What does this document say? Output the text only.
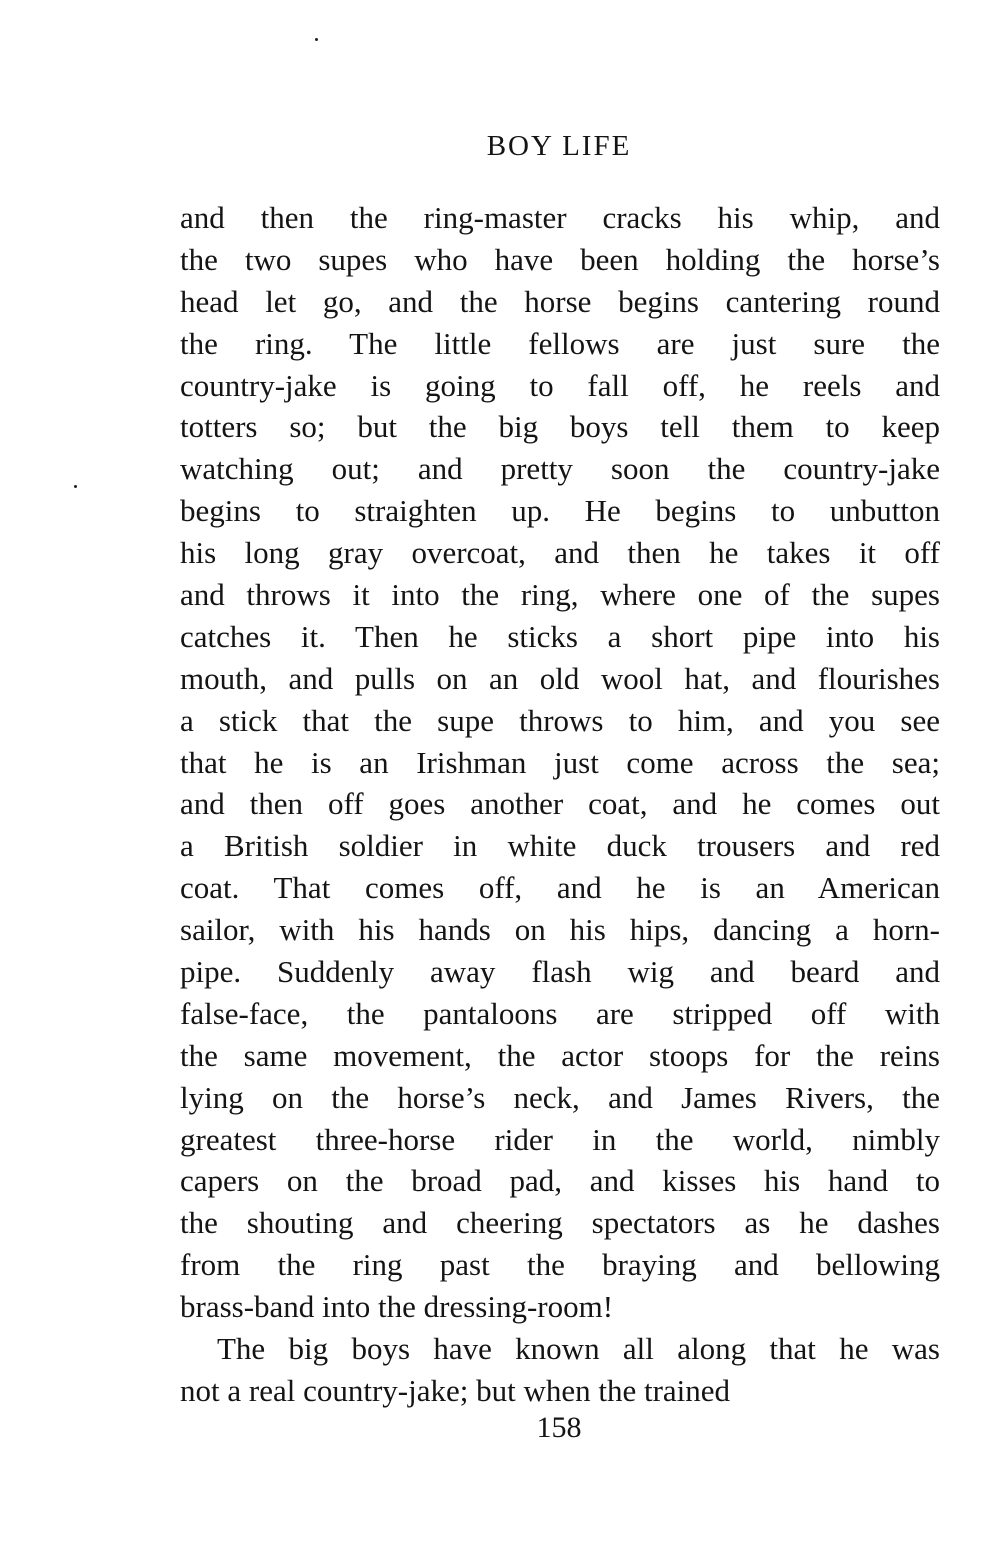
BOY LIFE
and then the ring-master cracks his whip, and
the two supes who have been holding the horse’s
head let go, and the horse begins cantering round
the ring. The little fellows are just sure the
country-jake is going to fall off, he reels and
totters so; but the big boys tell them to keep
watching out; and pretty soon the country-jake
begins to straighten up. He begins to unbutton
his long gray overcoat, and then he takes it off
and throws it into the ring, where one of the supes
catches it. Then he sticks a short pipe into his
mouth, and pulls on an old wool hat, and flourishes
a stick that the supe throws to him, and you see
that he is an Irishman just come across the sea;
and then off goes another coat, and he comes out
a British soldier in white duck trousers and red
coat. That comes off, and he is an American
sailor, with his hands on his hips, dancing a horn-
pipe. Suddenly away flash wig and beard and
false-face, the pantaloons are stripped off with
the same movement, the actor stoops for the reins
lying on the horse’s neck, and James Rivers, the
greatest three-horse rider in the world, nimbly
capers on the broad pad, and kisses his hand to
the shouting and cheering spectators as he dashes
from the ring past the braying and bellowing
brass-band into the dressing-room!
The big boys have known all along that he was
not a real country-jake; but when the trained
158
